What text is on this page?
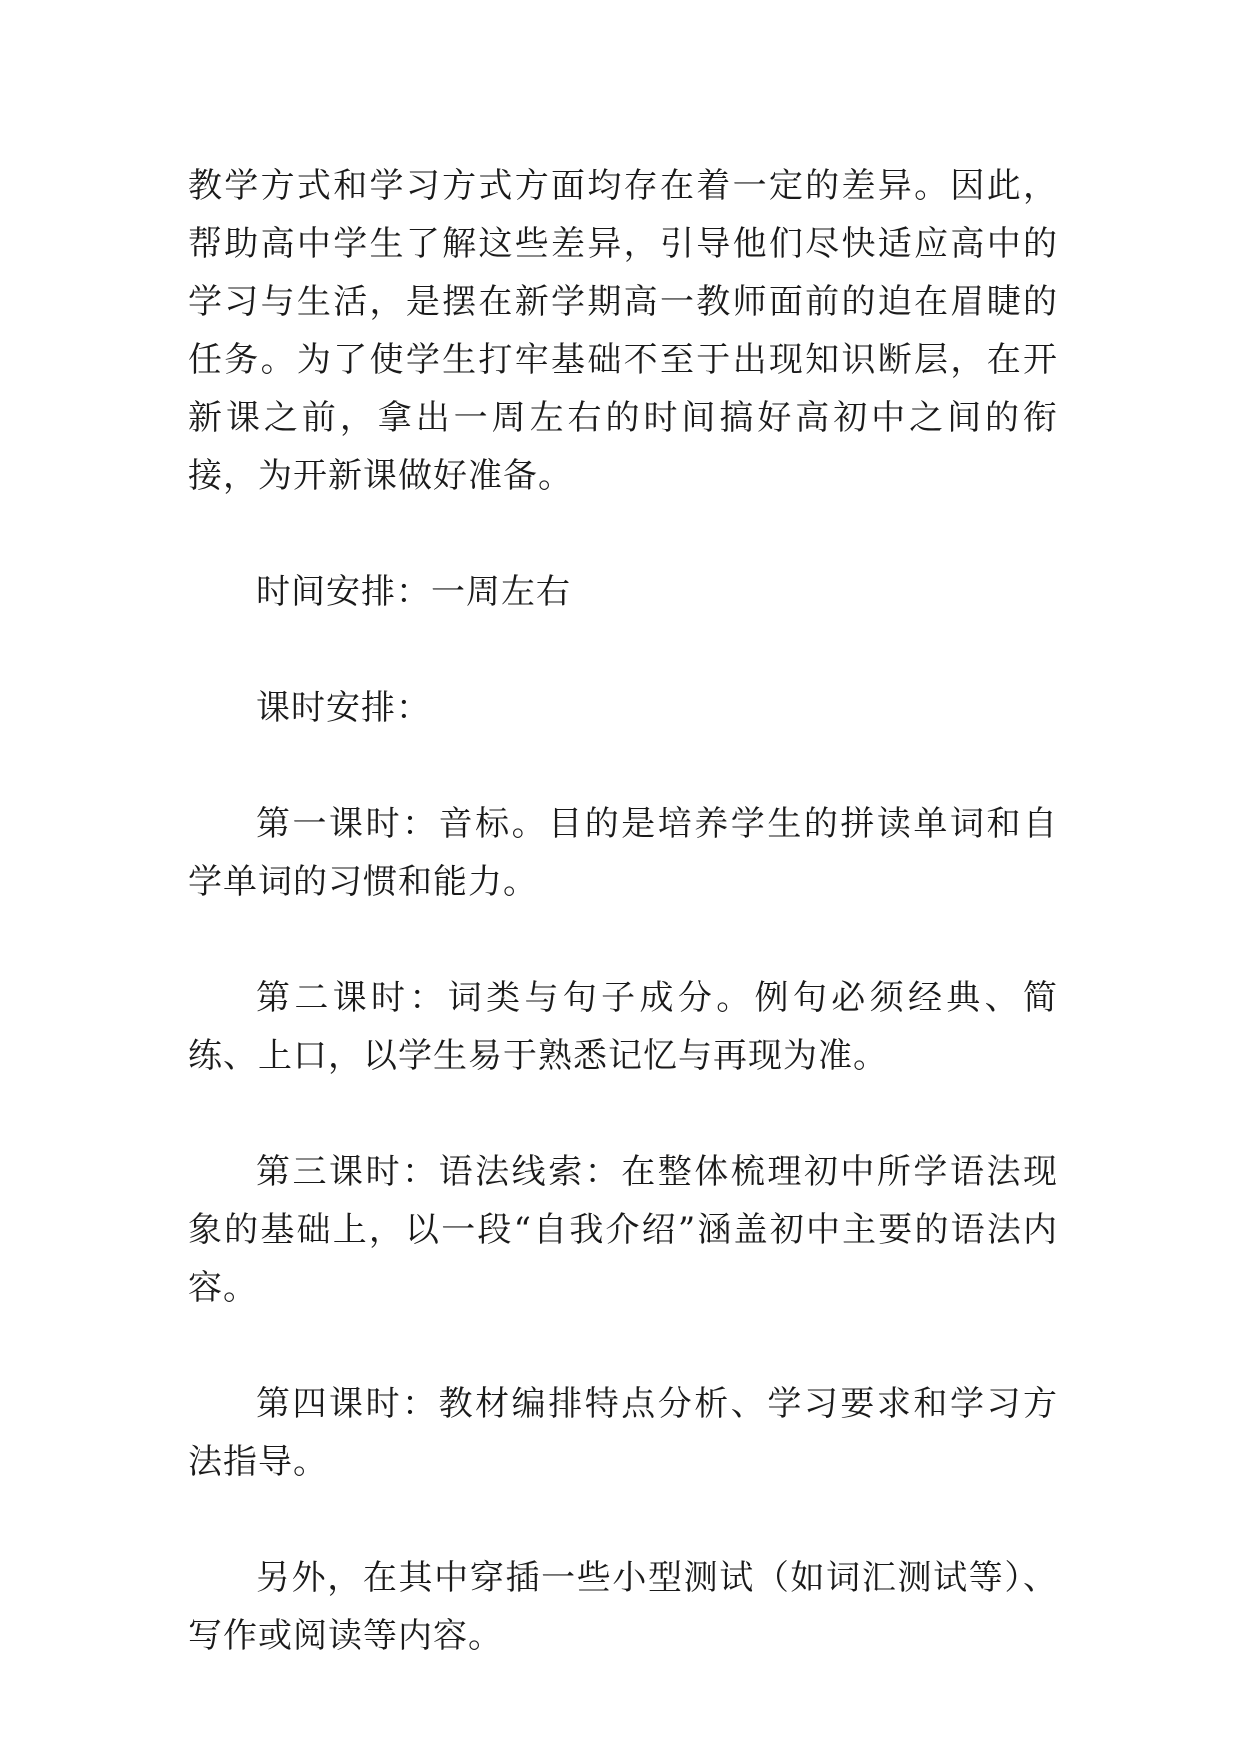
教学方式和学习方式方面均存在着一定的差异。因此，帮助高中学生了解这些差异，引导他们尽快适应高中的学习与生活，是摆在新学期高一教师面前的迫在眉睫的任务。为了使学生打牢基础不至于出现知识断层，在开新课之前，拿出一周左右的时间搞好高初中之间的衔接，为开新课做好准备。

时间安排：一周左右

课时安排：

第一课时：音标。目的是培养学生的拼读单词和自学单词的习惯和能力。

第二课时：词类与句子成分。例句必须经典、简练、上口，以学生易于熟悉记忆与再现为准。

第三课时：语法线索：在整体梳理初中所学语法现象的基础上，以一段“自我介绍”涵盖初中主要的语法内容。

第四课时：教材编排特点分析、学习要求和学习方法指导。

另外，在其中穿插一些小型测试（如词汇测试等）、写作或阅读等内容。
